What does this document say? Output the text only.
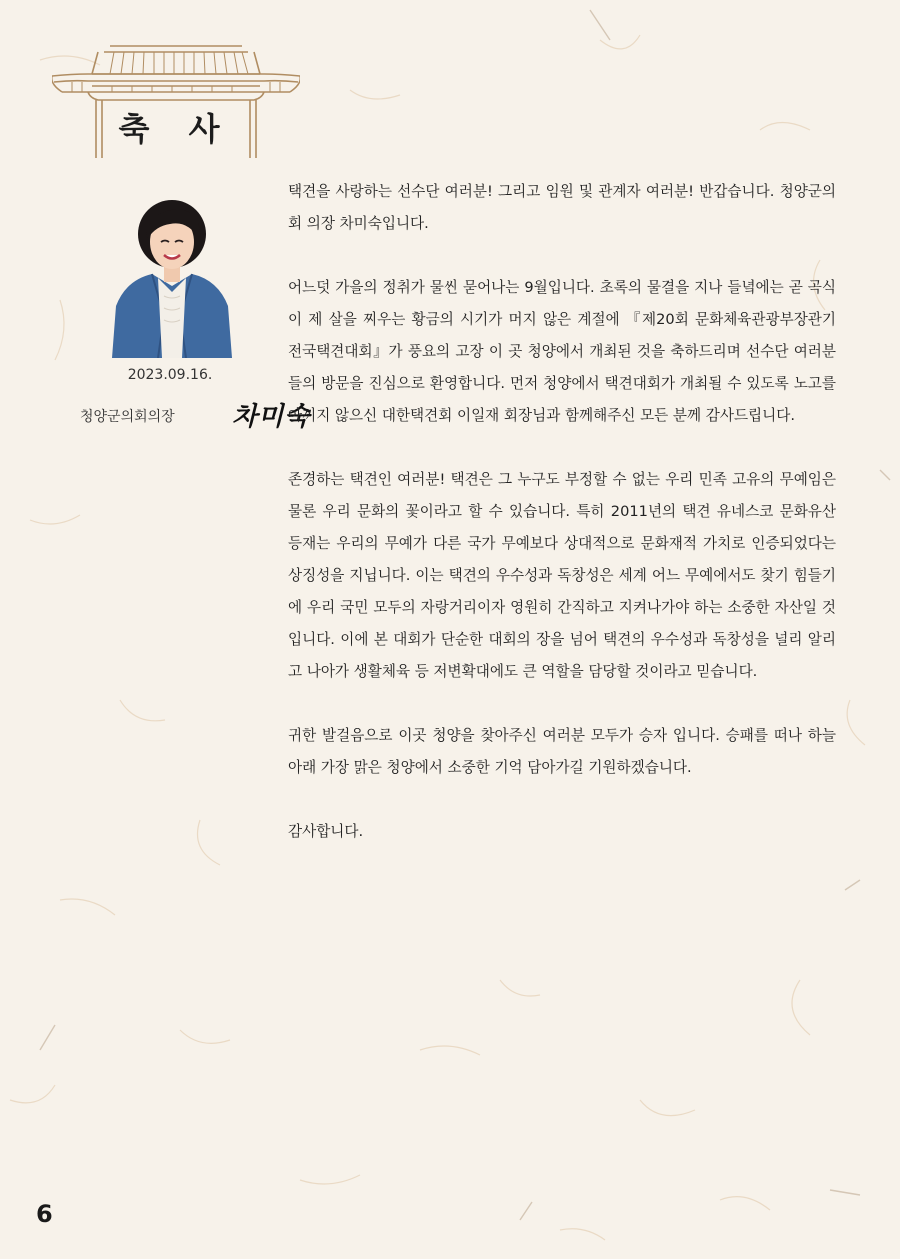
축 사
2023.09.16.
청양군의회의장	차미숙

택견을 사랑하는 선수단 여러분! 그리고 임원 및 관계자 여러분! 반갑습니다. 청양군의회 의장 차미숙입니다.

어느덧 가을의 정취가 물씬 묻어나는 9월입니다. 초록의 물결을 지나 들녘에는 곧 곡식이 제 살을 찌우는 황금의 시기가 머지 않은 계절에 『제20회 문화체육관광부장관기 전국택견대회』가 풍요의 고장 이 곳 청양에서 개최된 것을 축하드리며 선수단 여러분들의 방문을 진심으로 환영합니다. 먼저 청양에서 택견대회가 개최될 수 있도록 노고를 아끼지 않으신 대한택견회 이일재 회장님과 함께해주신 모든 분께 감사드립니다.

존경하는 택견인 여러분! 택견은 그 누구도 부정할 수 없는 우리 민족 고유의 무예임은 물론 우리 문화의 꽃이라고 할 수 있습니다. 특히 2011년의 택견 유네스코 문화유산 등재는 우리의 무예가 다른 국가 무예보다 상대적으로 문화재적 가치로 인증되었다는 상징성을 지닙니다. 이는 택견의 우수성과 독창성은 세계 어느 무예에서도 찾기 힘들기에 우리 국민 모두의 자랑거리이자 영원히 간직하고 지켜나가야 하는 소중한 자산일 것입니다. 이에 본 대회가 단순한 대회의 장을 넘어 택견의 우수성과 독창성을 널리 알리고 나아가 생활체육 등 저변확대에도 큰 역할을 담당할 것이라고 믿습니다.

귀한 발걸음으로 이곳 청양을 찾아주신 여러분 모두가 승자 입니다. 승패를 떠나 하늘 아래 가장 맑은 청양에서 소중한 기억 담아가길 기원하겠습니다.

감사합니다.

6
